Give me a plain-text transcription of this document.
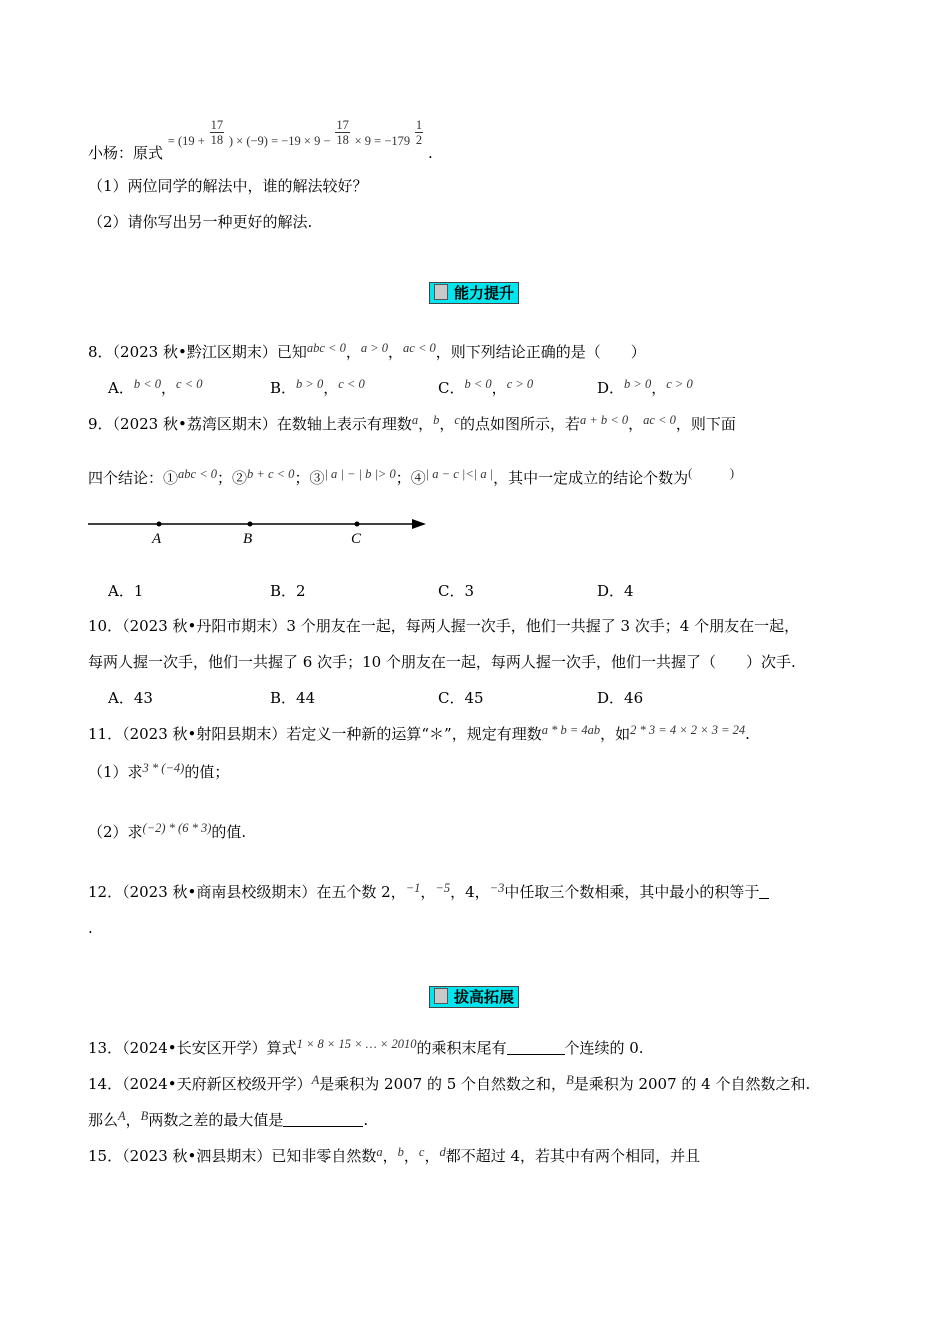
小杨：原式 $^{= (19 +} \frac{17}{18} ^{) \times (-9) = -19 \times 9 -} \frac{17}{18} ^{\times 9 = -179} \frac{1}{2}$
.
（1）两位同学的解法中，谁的解法较好？
（2）请你写出另一种更好的解法.
能力提升
8．（2023 秋•黔江区期末）已知$^{abc < 0}$，$^{a > 0}$，$^{ac < 0}$，则下列结论正确的是（　　）
A．$^{b < 0}$，$^{c < 0}$	B．$^{b > 0}$，$^{c < 0}$	C．$^{b < 0}$，$^{c > 0}$	D．$^{b > 0}$，$^{c > 0}$
9．（2023 秋•荔湾区期末）在数轴上表示有理数$^a$，$^b$，$^c$的点如图所示，若$^{a + b < 0}$，$^{ac < 0}$，则下面
四个结论：①$^{abc < 0}$；②$^{b + c < 0}$；③$^{| a | - | b |> 0}$；④$^{| a - c |<| a |}$，其中一定成立的结论个数为(　　　)
A	B	C
A．1	B．2	C．3	D．4
10．（2023 秋•丹阳市期末）3 个朋友在一起，每两人握一次手，他们一共握了 3 次手；4 个朋友在一起，
每两人握一次手，他们一共握了 6 次手；10 个朋友在一起，每两人握一次手，他们一共握了（　　）次手.
A．43	B．44	C．45	D．46
11．（2023 秋•射阳县期末）若定义一种新的运算“＊”，规定有理数$^{a * b = 4ab}$，如$^{2 * 3 = 4 \times 2 \times 3 = 24}$.
（1）求$^{3 * (-4)}$的值；
（2）求$^{(-2) * (6 * 3)}$的值.
12．（2023 秋•商南县校级期末）在五个数 2，$^{-1}$，$^{-5}$，4，$^{-3}$中任取三个数相乘，其中最小的积等于
.
拔高拓展
13．（2024•长安区开学）算式$^{1 \times 8 \times 15 \times \dots \times 2010}$的乘积末尾有	个连续的 0.
14．（2024•天府新区校级开学）$^A$是乘积为 2007 的 5 个自然数之和，$^B$是乘积为 2007 的 4 个自然数之和.
那么$^A$，$^B$两数之差的最大值是	.
15．（2023 秋•泗县期末）已知非零自然数$^a$，$^b$，$^c$，$^d$都不超过 4，若其中有两个相同，并且
